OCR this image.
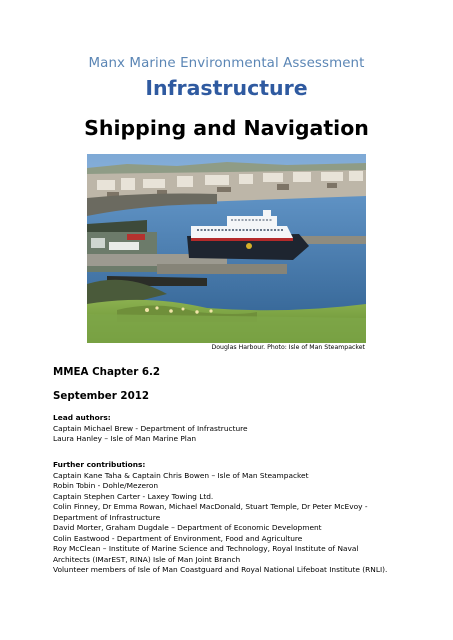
Manx Marine Environmental Assessment
Infrastructure
Shipping and Navigation
Douglas Harbour. Photo: Isle of Man Steampacket
MMEA Chapter 6.2
September 2012
Lead authors:
Captain Michael Brew - Department of Infrastructure
Laura Hanley – Isle of Man Marine Plan
Further contributions:
Captain Kane Taha & Captain Chris Bowen – Isle of Man Steampacket
Robin Tobin - Dohle/Mezeron
Captain Stephen Carter - Laxey Towing Ltd.
Colin Finney, Dr Emma Rowan, Michael MacDonald, Stuart Temple, Dr Peter McEvoy -
Department of Infrastructure
David Morter, Graham Dugdale – Department of Economic Development
Colin Eastwood - Department of Environment, Food and Agriculture
Roy McClean – Institute of Marine Science and Technology, Royal Institute of Naval
Architects (IMarEST, RINA) Isle of Man Joint Branch
Volunteer members of Isle of Man Coastguard and Royal National Lifeboat Institute (RNLI).
